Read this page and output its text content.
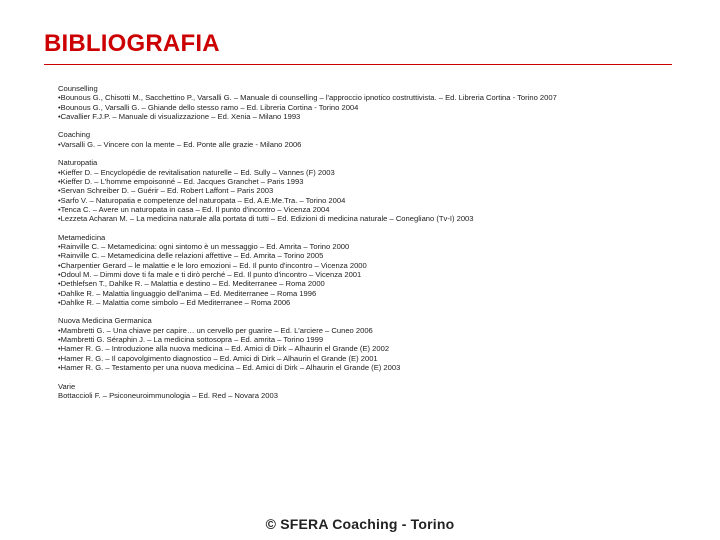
BIBLIOGRAFIA
Counselling
•Bounous G., Chisotti M., Sacchettino P., Varsalli G. – Manuale di counselling – l'approccio ipnotico costruttivista. – Ed. Libreria Cortina - Torino 2007
•Bounous G., Varsalli G. – Ghiande dello stesso ramo – Ed. Libreria Cortina - Torino 2004
•Cavallier F.J.P. – Manuale di visualizzazione – Ed. Xenia – Milano 1993
Coaching
•Varsalli G. – Vincere con la mente – Ed. Ponte alle grazie - Milano 2006
Naturopatia
•Kieffer D. – Encyclopédie de revitalisation naturelle – Ed. Sully – Vannes (F) 2003
•Kieffer D. – L'homme empoisonné – Ed. Jacques Granchet – Paris 1993
•Servan Schreiber D. – Guérir – Ed. Robert Laffont – Paris 2003
•Sarfo V. – Naturopatia e competenze del naturopata – Ed. A.E.Me.Tra. – Torino 2004
•Tenca C. – Avere un naturopata in casa – Ed. Il punto d'incontro – Vicenza 2004
•Lezzeta Acharan M. – La medicina naturale alla portata di tutti – Ed. Edizioni di medicina naturale – Conegliano (Tv-I) 2003
Metamedicina
•Rainville C. – Metamedicina: ogni sintomo è un messaggio – Ed. Amrita – Torino 2000
•Rainville C. – Metamedicina delle relazioni affettive – Ed. Amrita – Torino 2005
•Charpentier Gerard – le malattie e le loro emozioni – Ed. Il punto d'incontro – Vicenza 2000
•Odoul M. – Dimmi dove ti fa male e ti dirò perché – Ed. Il punto d'incontro – Vicenza 2001
•Dethlefsen T., Dahlke R. – Malattia e destino – Ed. Mediterranee – Roma 2000
•Dahlke R. – Malattia linguaggio dell'anima – Ed. Mediterranee – Roma 1996
•Dahlke R. – Malattia come simbolo – Ed Mediterranee – Roma 2006
Nuova Medicina Germanica
•Mambretti G. – Una chiave per capire… un cervello per guarire – Ed. L'arciere – Cuneo 2006
•Mambretti G. Séraphin J. – La medicina sottosopra – Ed. amrita – Torino 1999
•Hamer R. G. – Introduzione alla nuova medicina – Ed. Amici di Dirk – Alhaurin el Grande (E) 2002
•Hamer R. G. – Il capovolgimento diagnostico – Ed. Amici di Dirk – Alhaurin el Grande (E) 2001
•Hamer R. G. – Testamento per una nuova medicina – Ed. Amici di Dirk – Alhaurin el Grande (E) 2003
Varie
Bottaccioli F. – Psiconeuroimmunologia – Ed. Red – Novara 2003
© SFERA Coaching - Torino
